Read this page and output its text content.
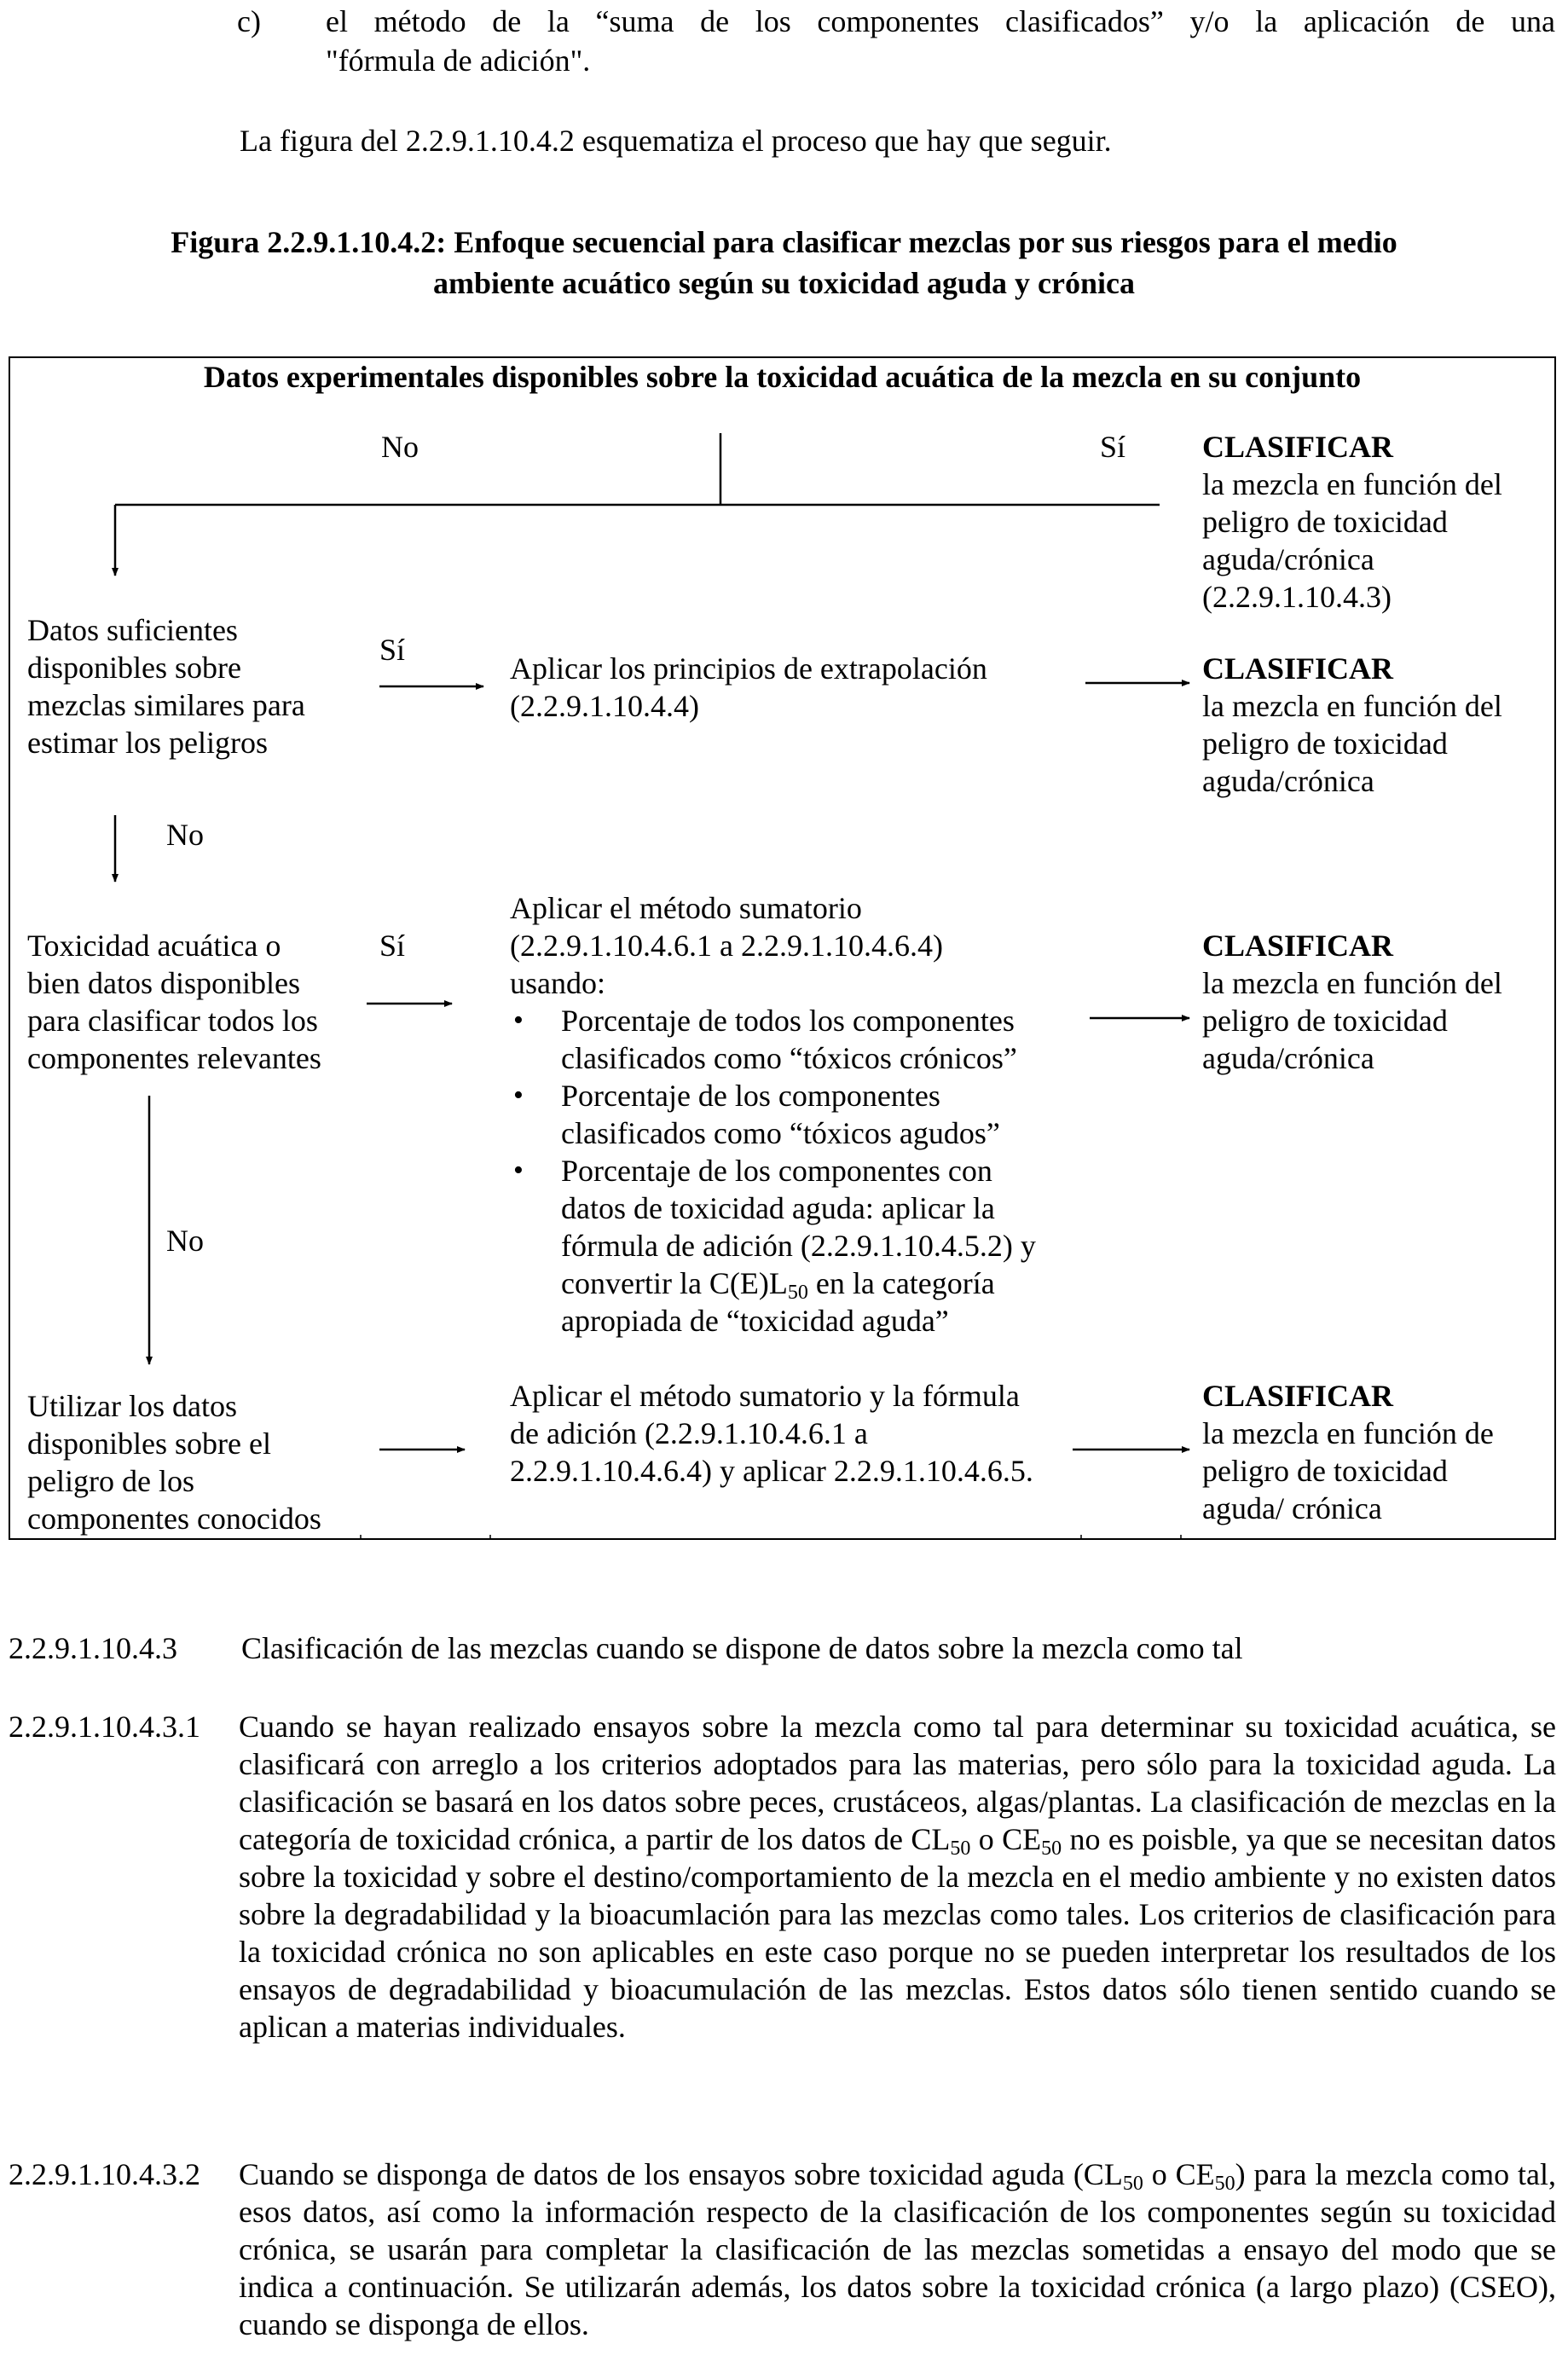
c) el método de la “suma de los componentes clasificados” y/o la aplicación de una
"fórmula de adición".
La figura del 2.2.9.1.10.4.2 esquematiza el proceso que hay que seguir.
Figura 2.2.9.1.10.4.2: Enfoque secuencial para clasificar mezclas por sus riesgos para el medio
ambiente acuático según su toxicidad aguda y crónica
Datos experimentales disponibles sobre la toxicidad acuática de la mezcla en su conjunto
No	Sí CLASIFICAR
la mezcla en función del
peligro de toxicidad
aguda/crónica
(2.2.9.1.10.4.3)
Datos suficientes
disponibles sobre
mezclas similares para
estimar los peligros
Sí
Aplicar los principios de extrapolación
(2.2.9.1.10.4.4)
CLASIFICAR
la mezcla en función del
peligro de toxicidad
aguda/crónica
No
Toxicidad acuática o
bien datos disponibles
para clasificar todos los
componentes relevantes
Sí
Aplicar el método sumatorio
(2.2.9.1.10.4.6.1 a 2.2.9.1.10.4.6.4)
usando:
• Porcentaje de todos los componentes
clasificados como “tóxicos crónicos”
• Porcentaje de los componentes
clasificados como “tóxicos agudos”
• Porcentaje de los componentes con
datos de toxicidad aguda: aplicar la
fórmula de adición (2.2.9.1.10.4.5.2) y
convertir la $C(E)L_{50}$ en la categoría
apropiada de “toxicidad aguda”
CLASIFICAR
la mezcla en función del
peligro de toxicidad
aguda/crónica
No
Utilizar los datos
disponibles sobre el
peligro de los
componentes conocidos
Aplicar el método sumatorio y la fórmula
de adición (2.2.9.1.10.4.6.1 a
2.2.9.1.10.4.6.4) y aplicar 2.2.9.1.10.4.6.5.
CLASIFICAR
la mezcla en función de
peligro de toxicidad
aguda/ crónica
2.2.9.1.10.4.3 Clasificación de las mezclas cuando se dispone de datos sobre la mezcla como tal
2.2.9.1.10.4.3.1 Cuando se hayan realizado ensayos sobre la mezcla como tal para determinar su toxicidad acuática, se clasificará con arreglo a los criterios adoptados para las materias, pero sólo para la toxicidad aguda. La clasificación se basará en los datos sobre peces, crustáceos, algas/plantas. La clasificación de mezclas en la categoría de toxicidad crónica, a partir de los datos de $CL_{50}$ o $CE_{50}$ no es poisble, ya que se necesitan datos sobre la toxicidad y sobre el destino/comportamiento de la mezcla en el medio ambiente y no existen datos sobre la degradabilidad y la bioacumlación para las mezclas como tales. Los criterios de clasificación para la toxicidad crónica no son aplicables en este caso porque no se pueden interpretar los resultados de los ensayos de degradabilidad y bioacumulación de las mezclas. Estos datos sólo tienen sentido cuando se aplican a materias individuales.
2.2.9.1.10.4.3.2 Cuando se disponga de datos de los ensayos sobre toxicidad aguda ($CL_{50}$ o $CE_{50}$) para la mezcla como tal, esos datos, así como la información respecto de la clasificación de los componentes según su toxicidad crónica, se usarán para completar la clasificación de las mezclas sometidas a ensayo del modo que se indica a continuación. Se utilizarán además, los datos sobre la toxicidad crónica (a largo plazo) (CSEO), cuando se disponga de ellos.
